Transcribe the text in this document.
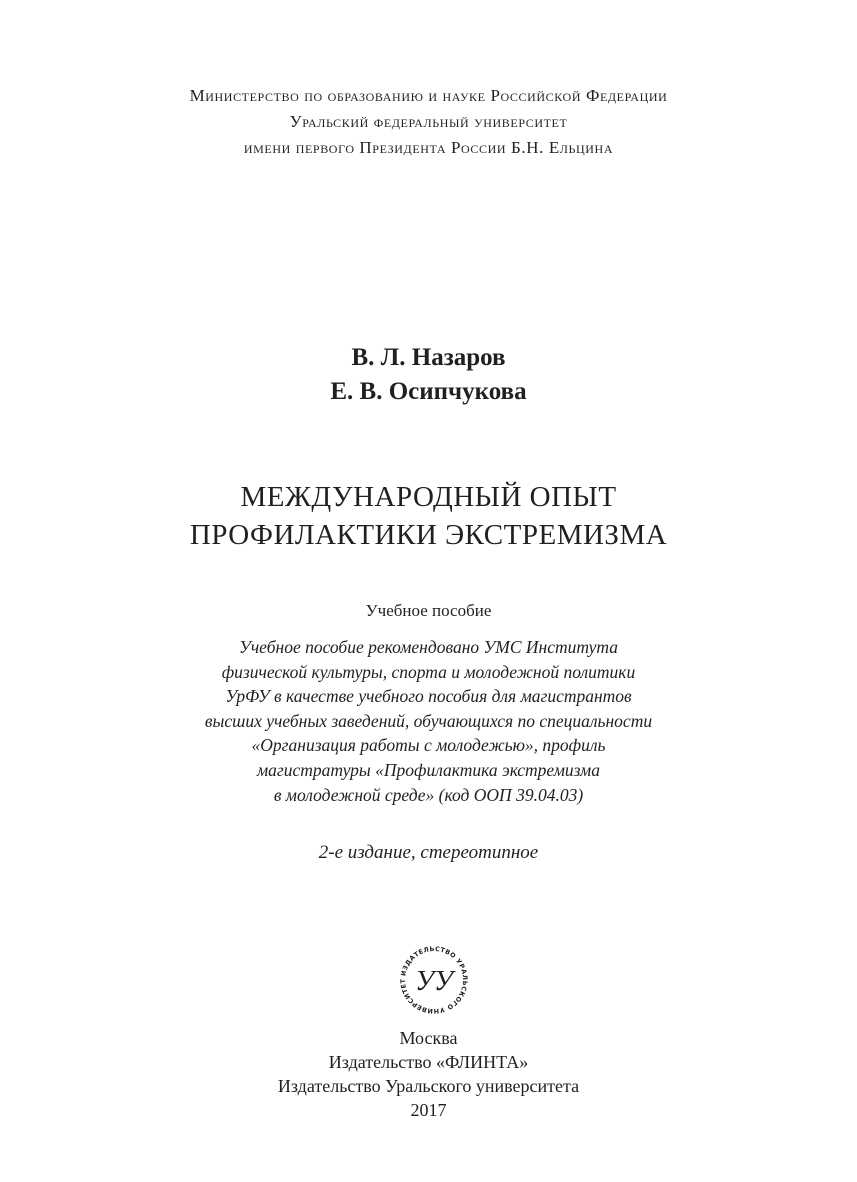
Министерство по образованию и науке Российской Федерации

Уральский федеральный университет

имени первого Президента России Б.Н. Ельцина

В. Л. Назаров

Е. В. Осипчукова

МЕЖДУНАРОДНЫЙ ОПЫТ

ПРОФИЛАКТИКИ ЭКСТРЕМИЗМА

Учебное пособие

Учебное пособие рекомендовано УМС Института

физической культуры, спорта и молодежной политики

УрФУ в качестве учебного пособия для магистрантов

высших учебных заведений, обучающихся по специальности

«Организация работы с молодежью», профиль

магистратуры «Профилактика экстремизма

в молодежной среде» (код ООП 39.04.03)

2-е издание, стереотипное
ИЗДАТЕЛЬСТВО УРАЛЬСКОГО УНИВЕРСИТЕТ УУ

Москва

Издательство «ФЛИНТА»

Издательство Уральского университета

2017
